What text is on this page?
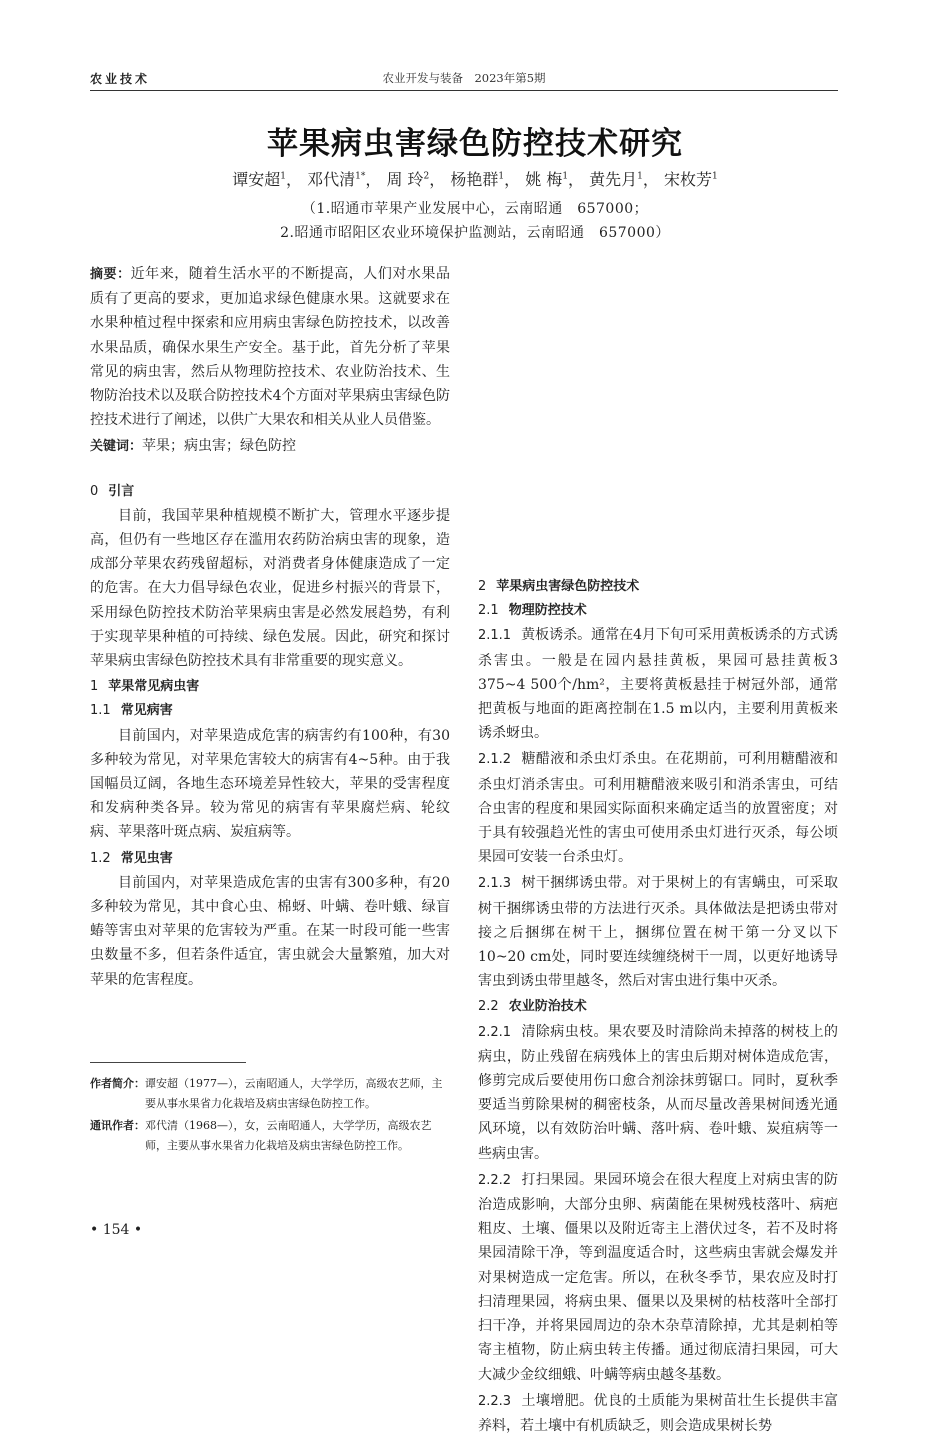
农业技术	农业开发与装备　2023年第5期
苹果病虫害绿色防控技术研究
谭安超$^1$， 邓代清$^{1*}$， 周 玲$^2$， 杨艳群$^1$， 姚 梅$^1$， 黄先月$^1$， 宋枚芳$^1$
（1.昭通市苹果产业发展中心，云南昭通　657000；
2.昭通市昭阳区农业环境保护监测站，云南昭通　657000）

摘要：近年来，随着生活水平的不断提高，人们对水果品质有了更高的要求，更加追求绿色健康水果。这就要求在水果种植过程中探索和应用病虫害绿色防控技术，以改善水果品质，确保水果生产安全。基于此，首先分析了苹果常见的病虫害，然后从物理防控技术、农业防治技术、生物防治技术以及联合防控技术4个方面对苹果病虫害绿色防控技术进行了阐述，以供广大果农和相关从业人员借鉴。

关键词：苹果；病虫害；绿色防控

0 引言

目前，我国苹果种植规模不断扩大，管理水平逐步提高，但仍有一些地区存在滥用农药防治病虫害的现象，造成部分苹果农药残留超标，对消费者身体健康造成了一定的危害。在大力倡导绿色农业，促进乡村振兴的背景下，采用绿色防控技术防治苹果病虫害是必然发展趋势，有利于实现苹果种植的可持续、绿色发展。因此，研究和探讨苹果病虫害绿色防控技术具有非常重要的现实意义。

1 苹果常见病虫害
1.1 常见病害

目前国内，对苹果造成危害的病害约有100种，有30多种较为常见，对苹果危害较大的病害有4~5种。由于我国幅员辽阔，各地生态环境差异性较大，苹果的受害程度和发病种类各异。较为常见的病害有苹果腐烂病、轮纹病、苹果落叶斑点病、炭疽病等。

1.2 常见虫害

目前国内，对苹果造成危害的虫害有300多种，有20多种较为常见，其中食心虫、棉蚜、叶螨、卷叶蛾、绿盲蝽等害虫对苹果的危害较为严重。在某一时段可能一些害虫数量不多，但若条件适宜，害虫就会大量繁殖，加大对苹果的危害程度。

2 苹果病虫害绿色防控技术
2.1 物理防控技术

2.1.1 黄板诱杀。通常在4月下旬可采用黄板诱杀的方式诱杀害虫。一般是在园内悬挂黄板，果园可悬挂黄板3 375~4 500个/hm²，主要将黄板悬挂于树冠外部，通常把黄板与地面的距离控制在1.5 m以内，主要利用黄板来诱杀蚜虫。

2.1.2 糖醋液和杀虫灯杀虫。在花期前，可利用糖醋液和杀虫灯消杀害虫。可利用糖醋液来吸引和消杀害虫，可结合虫害的程度和果园实际面积来确定适当的放置密度；对于具有较强趋光性的害虫可使用杀虫灯进行灭杀，每公顷果园可安装一台杀虫灯。

2.1.3 树干捆绑诱虫带。对于果树上的有害螨虫，可采取树干捆绑诱虫带的方法进行灭杀。具体做法是把诱虫带对接之后捆绑在树干上，捆绑位置在树干第一分叉以下10~20 cm处，同时要连续缠绕树干一周，以更好地诱导害虫到诱虫带里越冬，然后对害虫进行集中灭杀。

2.2 农业防治技术

2.2.1 清除病虫枝。果农要及时清除尚未掉落的树枝上的病虫，防止残留在病残体上的害虫后期对树体造成危害，修剪完成后要使用伤口愈合剂涂抹剪锯口。同时，夏秋季要适当剪除果树的稠密枝条，从而尽量改善果树间透光通风环境，以有效防治叶螨、落叶病、卷叶蛾、炭疽病等一些病虫害。

2.2.2 打扫果园。果园环境会在很大程度上对病虫害的防治造成影响，大部分虫卵、病菌能在果树残枝落叶、病疤粗皮、土壤、僵果以及附近寄主上潜伏过冬，若不及时将果园清除干净，等到温度适合时，这些病虫害就会爆发并对果树造成一定危害。所以，在秋冬季节，果农应及时打扫清理果园，将病虫果、僵果以及果树的枯枝落叶全部打扫干净，并将果园周边的杂木杂草清除掉，尤其是刺柏等寄主植物，防止病虫转主传播。通过彻底清扫果园，可大大减少金纹细蛾、叶螨等病虫越冬基数。

2.2.3 土壤增肥。优良的土质能为果树苗壮生长提供丰富养料，若土壤中有机质缺乏，则会造成果树长势

作者简介： 谭安超（1977—），云南昭通人，大学学历，高级农艺师，主要从事水果省力化栽培及病虫害绿色防控工作。
通讯作者： 邓代清（1968—），女，云南昭通人，大学学历，高级农艺师，主要从事水果省力化栽培及病虫害绿色防控工作。
• 154 •
